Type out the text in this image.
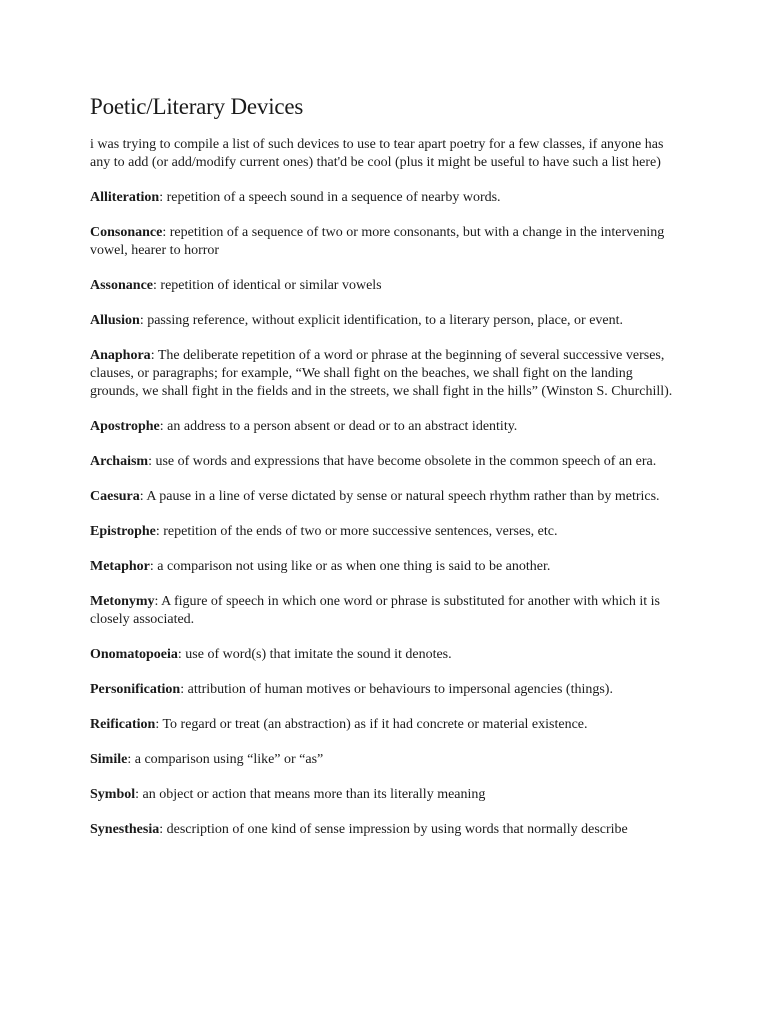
Poetic/Literary Devices

i was trying to compile a list of such devices to use to tear apart poetry for a few classes, if anyone has any to add (or add/modify current ones) that'd be cool (plus it might be useful to have such a list here)

Alliteration: repetition of a speech sound in a sequence of nearby words.

Consonance: repetition of a sequence of two or more consonants, but with a change in the intervening vowel, hearer to horror

Assonance: repetition of identical or similar vowels

Allusion: passing reference, without explicit identification, to a literary person, place, or event.

Anaphora: The deliberate repetition of a word or phrase at the beginning of several successive verses, clauses, or paragraphs; for example, “We shall fight on the beaches, we shall fight on the landing grounds, we shall fight in the fields and in the streets, we shall fight in the hills” (Winston S. Churchill).

Apostrophe: an address to a person absent or dead or to an abstract identity.

Archaism: use of words and expressions that have become obsolete in the common speech of an era.

Caesura: A pause in a line of verse dictated by sense or natural speech rhythm rather than by metrics.

Epistrophe: repetition of the ends of two or more successive sentences, verses, etc.

Metaphor: a comparison not using like or as when one thing is said to be another.

Metonymy: A figure of speech in which one word or phrase is substituted for another with which it is closely associated.

Onomatopoeia: use of word(s) that imitate the sound it denotes.

Personification: attribution of human motives or behaviours to impersonal agencies (things).

Reification: To regard or treat (an abstraction) as if it had concrete or material existence.

Simile: a comparison using “like” or “as”

Symbol: an object or action that means more than its literally meaning

Synesthesia: description of one kind of sense impression by using words that normally describe
